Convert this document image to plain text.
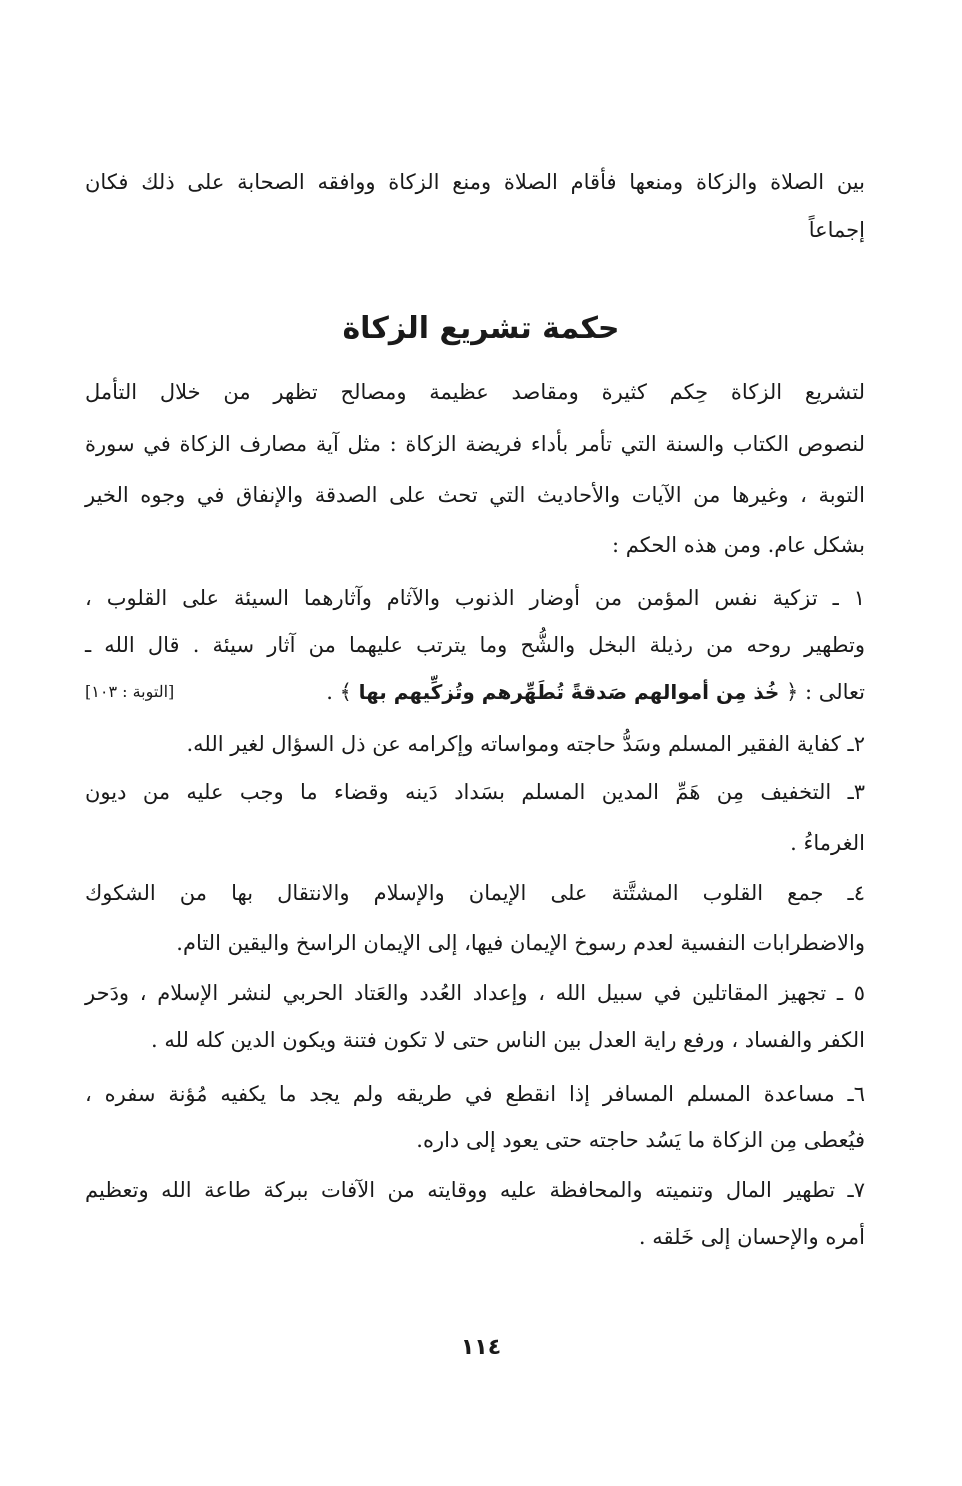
بين الصلاة والزكاة ومنعها فأقام الصلاة ومنع الزكاة ووافقه الصحابة على ذلك فكان
إجماعاً
حكمة تشريع الزكاة
لتشريع الزكاة حِكم كثيرة ومقاصد عظيمة ومصالح تظهر من خلال التأمل
لنصوص الكتاب والسنة التي تأمر بأداء فريضة الزكاة : مثل آية مصارف الزكاة في سورة
التوبة ، وغيرها من الآيات والأحاديث التي تحث على الصدقة والإنفاق في وجوه الخير
بشكل عام. ومن هذه الحكم :
١ ـ تزكية نفس المؤمن من أوضار الذنوب والآثام وآثارهما السيئة على القلوب ،
وتطهير روحه من رذيلة البخل والشُّح وما يترتب عليهما من آثار سيئة . قال الله ـ
تعالى : ﴿ خُذ مِن أموالهم صَدقةً تُطَهِّرهم وتُزكِّيهم بها ﴾ .
[التوبة : ١٠٣]
٢ـ كفاية الفقير المسلم وسَدُّ حاجته ومواساته وإكرامه عن ذل السؤال لغير الله.
٣ـ التخفيف مِن هَمِّ المدين المسلم بسَداد دَينه وقضاء ما وجب عليه من ديون
الغرماءُ .
٤ـ جمع القلوب المشتَّتة على الإيمان والإسلام والانتقال بها من الشكوك
والاضطرابات النفسية لعدم رسوخ الإيمان فيها، إلى الإيمان الراسخ واليقين التام.
٥ ـ تجهيز المقاتلين في سبيل الله ، وإعداد العُدد والعَتاد الحربي لنشر الإسلام ، ودَحر
الكفر والفساد ، ورفع راية العدل بين الناس حتى لا تكون فتنة ويكون الدين كله لله .
٦ـ مساعدة المسلم المسافر إذا انقطع في طريقه ولم يجد ما يكفيه مُؤنة سفره ،
فيُعطى مِن الزكاة ما يَسُد حاجته حتى يعود إلى داره.
٧ـ تطهير المال وتنميته والمحافظة عليه ووقايته من الآفات ببركة طاعة الله وتعظيم
أمره والإحسان إلى خَلقه .
١١٤
